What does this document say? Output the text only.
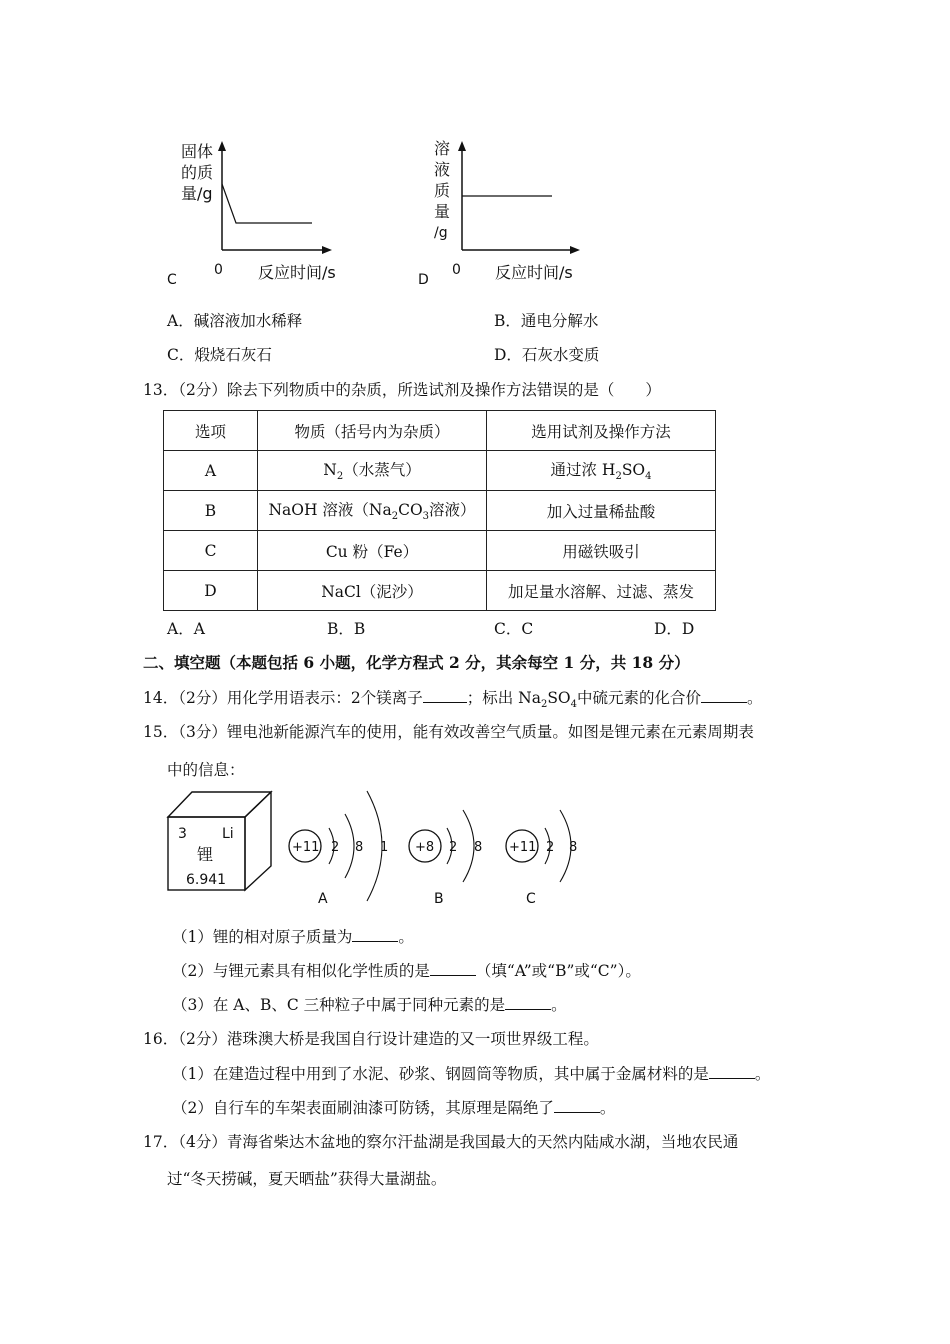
固体
的质
量/g
0 反应时间/s
C
溶
液
质
量
/g
0 反应时间/s
D
A．碱溶液加水稀释	B．通电分解水
C．煅烧石灰石	D．石灰水变质
13．（2分）除去下列物质中的杂质，所选试剂及操作方法错误的是（　　）
选项	物质（括号内为杂质）	选用试剂及操作方法
A	$N_2$（水蒸气）	通过浓 $H_2SO_4$
B	NaOH 溶液（$Na_2CO_3$溶液）	加入过量稀盐酸
C	Cu 粉（Fe）	用磁铁吸引
D	NaCl（泥沙）	加足量水溶解、过滤、蒸发
A．A	B．B	C．C	D．D
二、填空题（本题包括 6 小题，化学方程式 2 分，其余每空 1 分，共 18 分）
14．（2分）用化学用语表示：2个镁离子	；标出 $Na_2SO_4$中硫元素的化合价	。
15．（3分）锂电池新能源汽车的使用，能有效改善空气质量。如图是锂元素在元素周期表
中的信息：
3	Li
锂
6.941
+11 2 8 1
A
+8 2 8
B
+11 2 8
C
（1）锂的相对原子质量为	。
（2）与锂元素具有相似化学性质的是	（填“A”或“B”或“C”）。
（3）在 A、B、C 三种粒子中属于同种元素的是	。
16．（2分）港珠澳大桥是我国自行设计建造的又一项世界级工程。
（1）在建造过程中用到了水泥、砂浆、钢圆筒等物质，其中属于金属材料的是	。
（2）自行车的车架表面刷油漆可防锈，其原理是隔绝了	。
17．（4分）青海省柴达木盆地的察尔汗盐湖是我国最大的天然内陆咸水湖，当地农民通
过“冬天捞碱，夏天晒盐”获得大量湖盐。
